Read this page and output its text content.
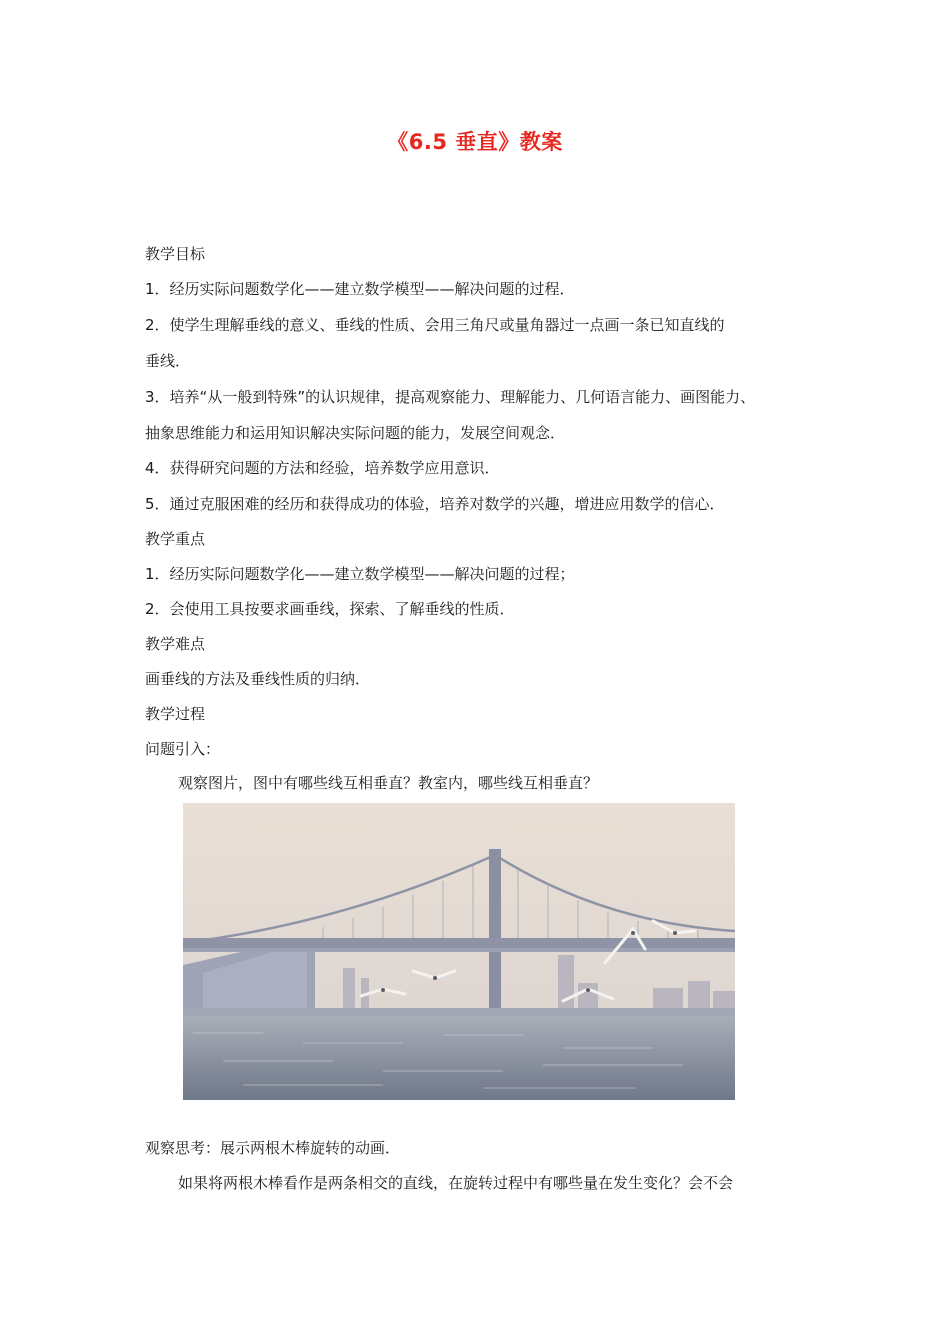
《6.5 垂直》教案
教学目标
1．经历实际问题数学化——建立数学模型——解决问题的过程．
2．使学生理解垂线的意义、垂线的性质、会用三角尺或量角器过一点画一条已知直线的
垂线．
3．培养“从一般到特殊”的认识规律，提高观察能力、理解能力、几何语言能力、画图能力、
抽象思维能力和运用知识解决实际问题的能力，发展空间观念．
4．获得研究问题的方法和经验，培养数学应用意识．
5．通过克服困难的经历和获得成功的体验，培养对数学的兴趣，增进应用数学的信心．
教学重点
1．经历实际问题数学化——建立数学模型——解决问题的过程；
2．会使用工具按要求画垂线，探索、了解垂线的性质．
教学难点
画垂线的方法及垂线性质的归纳．
教学过程
问题引入：
观察图片，图中有哪些线互相垂直？教室内，哪些线互相垂直？
观察思考：展示两根木棒旋转的动画．
如果将两根木棒看作是两条相交的直线，在旋转过程中有哪些量在发生变化？会不会
